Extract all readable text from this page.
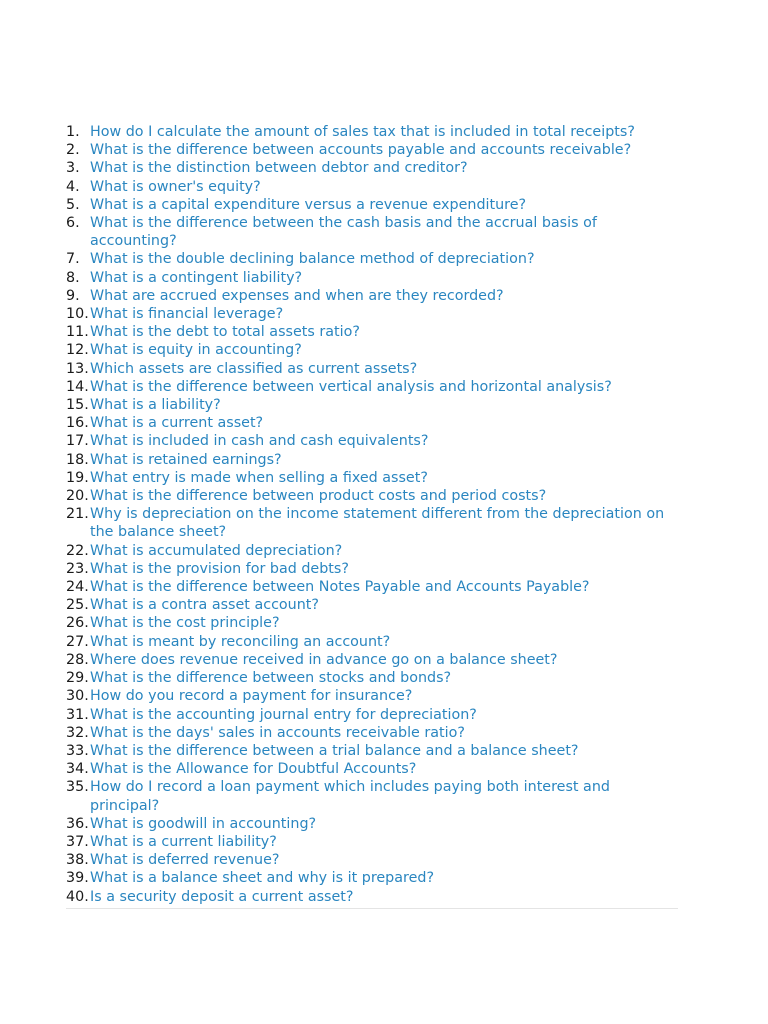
1. How do I calculate the amount of sales tax that is included in total receipts?
2. What is the difference between accounts payable and accounts receivable?
3. What is the distinction between debtor and creditor?
4. What is owner's equity?
5. What is a capital expenditure versus a revenue expenditure?
6. What is the difference between the cash basis and the accrual basis of accounting?
7. What is the double declining balance method of depreciation?
8. What is a contingent liability?
9. What are accrued expenses and when are they recorded?
10. What is financial leverage?
11. What is the debt to total assets ratio?
12. What is equity in accounting?
13. Which assets are classified as current assets?
14. What is the difference between vertical analysis and horizontal analysis?
15. What is a liability?
16. What is a current asset?
17. What is included in cash and cash equivalents?
18. What is retained earnings?
19. What entry is made when selling a fixed asset?
20. What is the difference between product costs and period costs?
21. Why is depreciation on the income statement different from the depreciation on the balance sheet?
22. What is accumulated depreciation?
23. What is the provision for bad debts?
24. What is the difference between Notes Payable and Accounts Payable?
25. What is a contra asset account?
26. What is the cost principle?
27. What is meant by reconciling an account?
28. Where does revenue received in advance go on a balance sheet?
29. What is the difference between stocks and bonds?
30. How do you record a payment for insurance?
31. What is the accounting journal entry for depreciation?
32. What is the days' sales in accounts receivable ratio?
33. What is the difference between a trial balance and a balance sheet?
34. What is the Allowance for Doubtful Accounts?
35. How do I record a loan payment which includes paying both interest and principal?
36. What is goodwill in accounting?
37. What is a current liability?
38. What is deferred revenue?
39. What is a balance sheet and why is it prepared?
40. Is a security deposit a current asset?
